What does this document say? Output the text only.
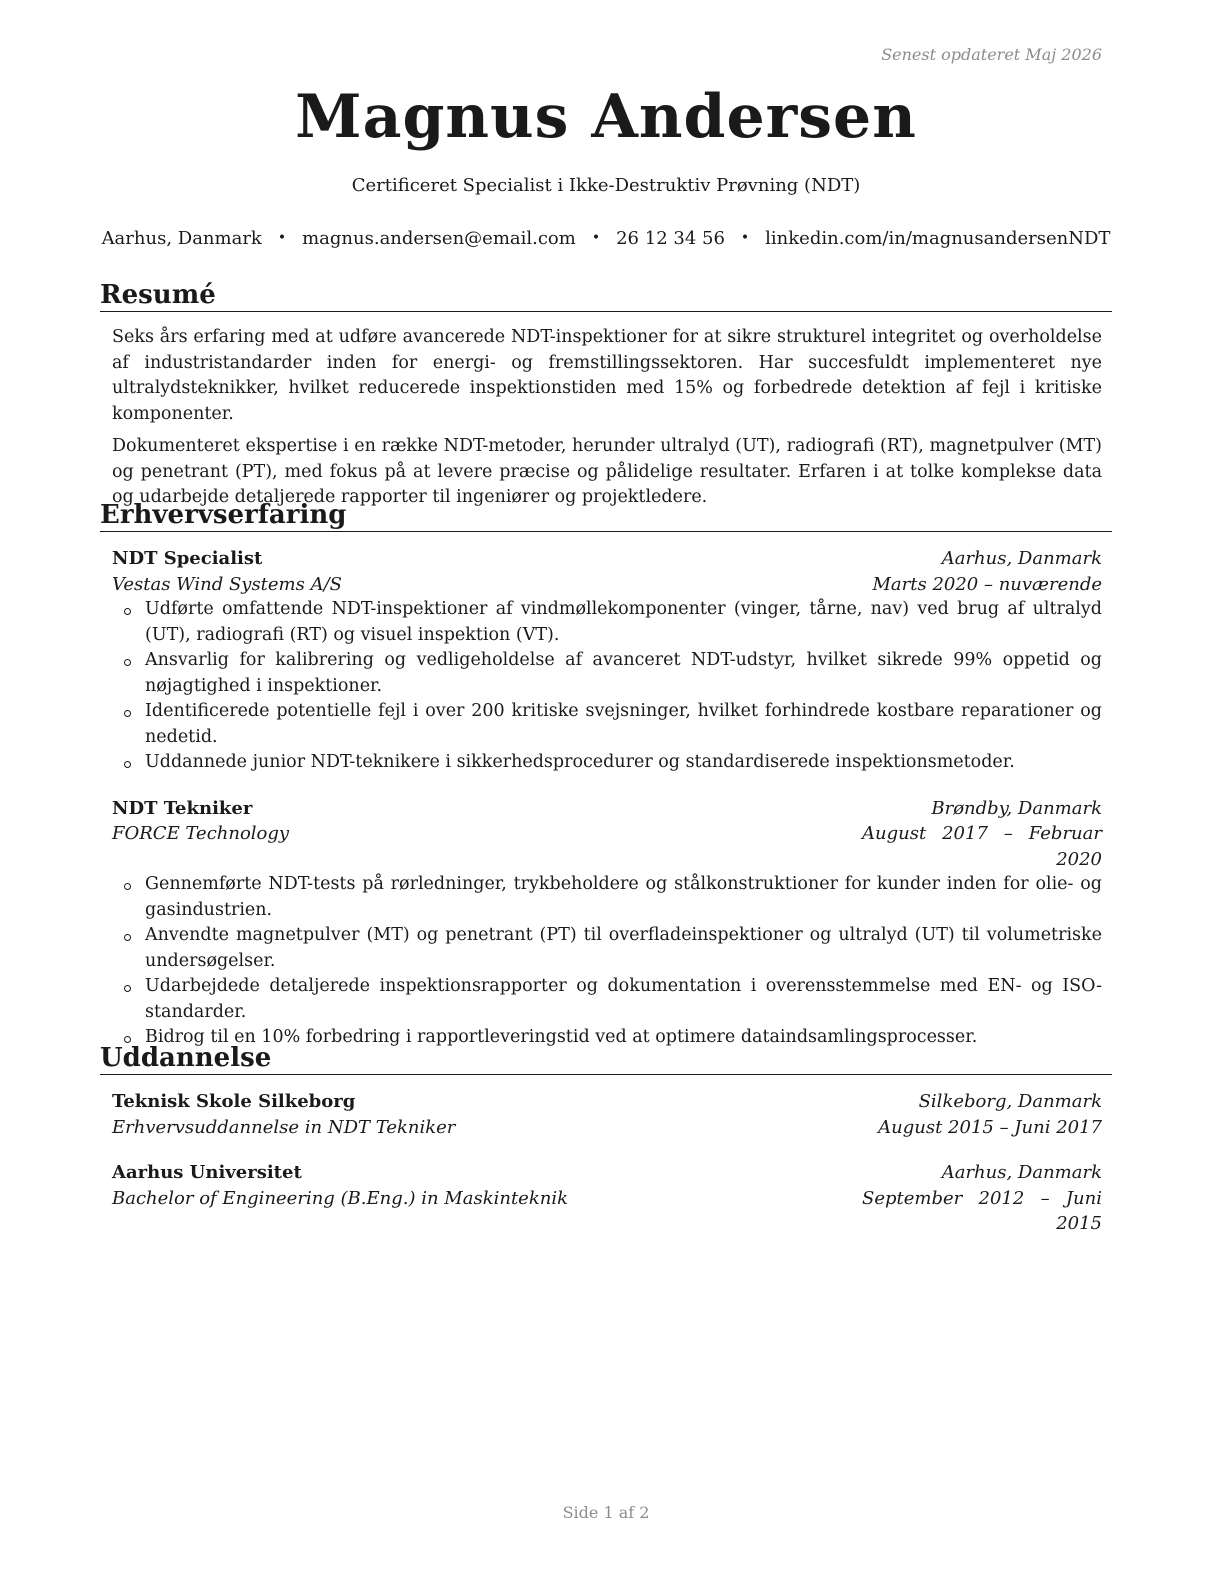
Senest opdateret Maj 2026
Magnus Andersen

Certificeret Specialist i Ikke-Destruktiv Prøvning (NDT)

Aarhus, Danmark • magnus.andersen@email.com • 26 12 34 56 • linkedin.com/in/magnusandersenNDT

Resumé

Seks års erfaring med at udføre avancerede NDT-inspektioner for at sikre strukturel integritet og overholdelse af industristandarder inden for energi- og fremstillingssektoren. Har succesfuldt implementeret nye ultralydsteknikker, hvilket reducerede inspektionstiden med 15% og forbedrede detektion af fejl i kritiske komponenter.

Dokumenteret ekspertise i en række NDT-metoder, herunder ultralyd (UT), radiografi (RT), magnetpulver (MT) og penetrant (PT), med fokus på at levere præcise og pålidelige resultater. Erfaren i at tolke komplekse data og udarbejde detaljerede rapporter til ingeniører og projektledere.

Erhvervserfaring
NDT Specialist	Aarhus, Danmark
Vestas Wind Systems A/S	Marts 2020 – nuværende
Udførte omfattende NDT-inspektioner af vindmøllekomponenter (vinger, tårne, nav) ved brug af ultralyd (UT), radiografi (RT) og visuel inspektion (VT).
Ansvarlig for kalibrering og vedligeholdelse af avanceret NDT-udstyr, hvilket sikrede 99% oppetid og nøjagtighed i inspektioner.
Identificerede potentielle fejl i over 200 kritiske svejsninger, hvilket forhindrede kostbare reparationer og nedetid.
Uddannede junior NDT-teknikere i sikkerhedsprocedurer og standardiserede inspektionsmetoder.
NDT Tekniker	Brøndby, Danmark
FORCE Technology	August 2017 – Februar 2020
Gennemførte NDT-tests på rørledninger, trykbeholdere og stålkonstruktioner for kunder inden for olie- og gasindustrien.
Anvendte magnetpulver (MT) og penetrant (PT) til overfladeinspektioner og ultralyd (UT) til volumetriske undersøgelser.
Udarbejdede detaljerede inspektionsrapporter og dokumentation i overensstemmelse med EN- og ISO-standarder.
Bidrog til en 10% forbedring i rapportleveringstid ved at optimere dataindsamlingsprocesser.
Uddannelse
Teknisk Skole Silkeborg	Silkeborg, Danmark
Erhvervsuddannelse in NDT Tekniker	August 2015 – Juni 2017
Aarhus Universitet	Aarhus, Danmark
Bachelor of Engineering (B.Eng.) in Maskinteknik	September 2012 – Juni 2015
Side 1 af 2
